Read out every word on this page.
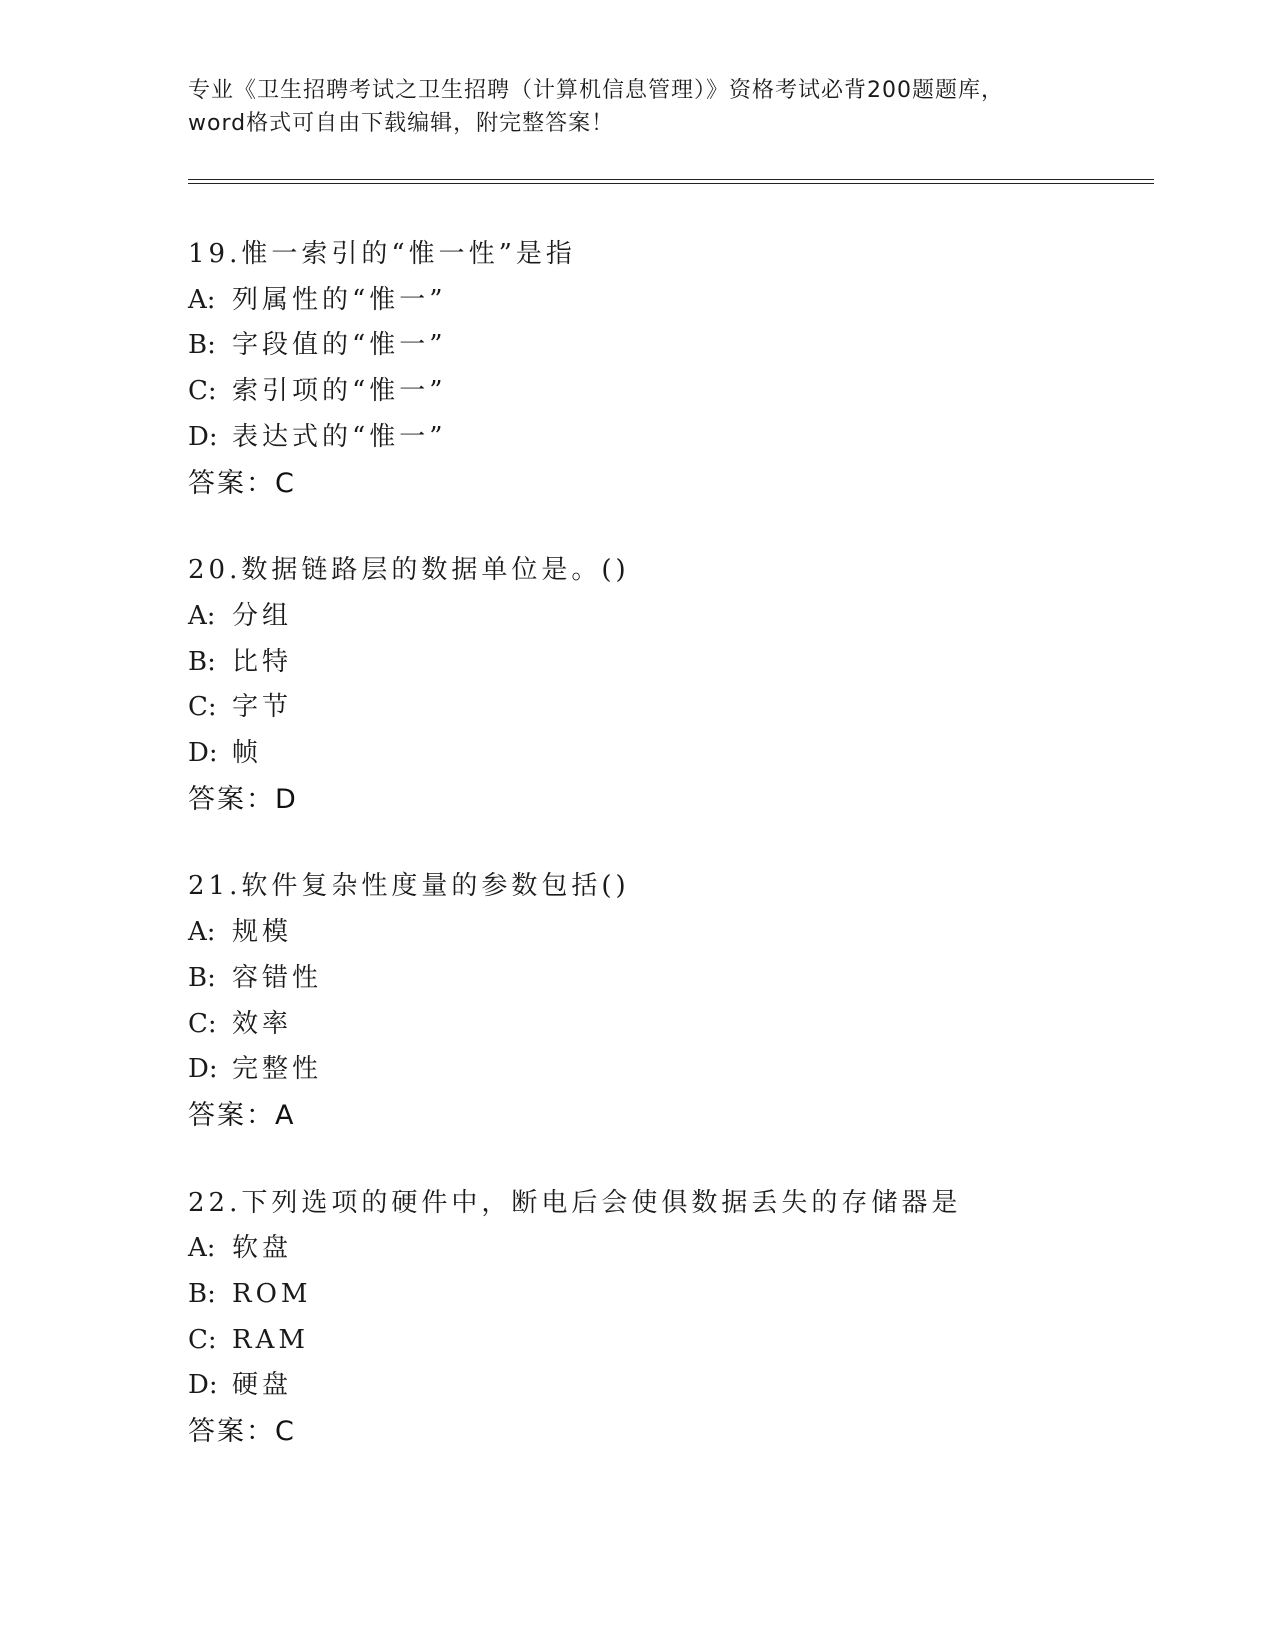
专业《卫生招聘考试之卫生招聘（计算机信息管理）》资格考试必背200题题库，
word格式可自由下载编辑，附完整答案！
19.惟一索引的“惟一性”是指
A: 列属性的“惟一”
B: 字段值的“惟一”
C: 索引项的“惟一”
D: 表达式的“惟一”
答案：C
20.数据链路层的数据单位是。()
A: 分组
B: 比特
C: 字节
D: 帧
答案：D
21.软件复杂性度量的参数包括()
A: 规模
B: 容错性
C: 效率
D: 完整性
答案：A
22.下列选项的硬件中，断电后会使俱数据丢失的存储器是
A: 软盘
B: ROM
C: RAM
D: 硬盘
答案：C
